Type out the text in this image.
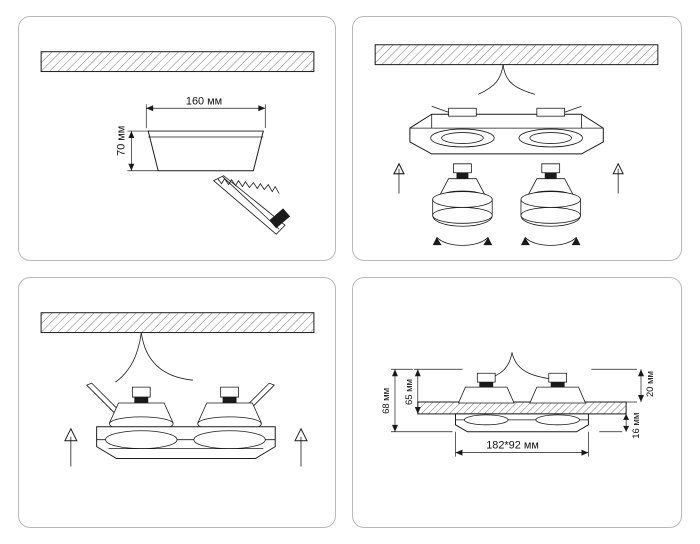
160 мм
70 мм
68 мм 65 мм	20 мм
16 мм
182*92 мм
